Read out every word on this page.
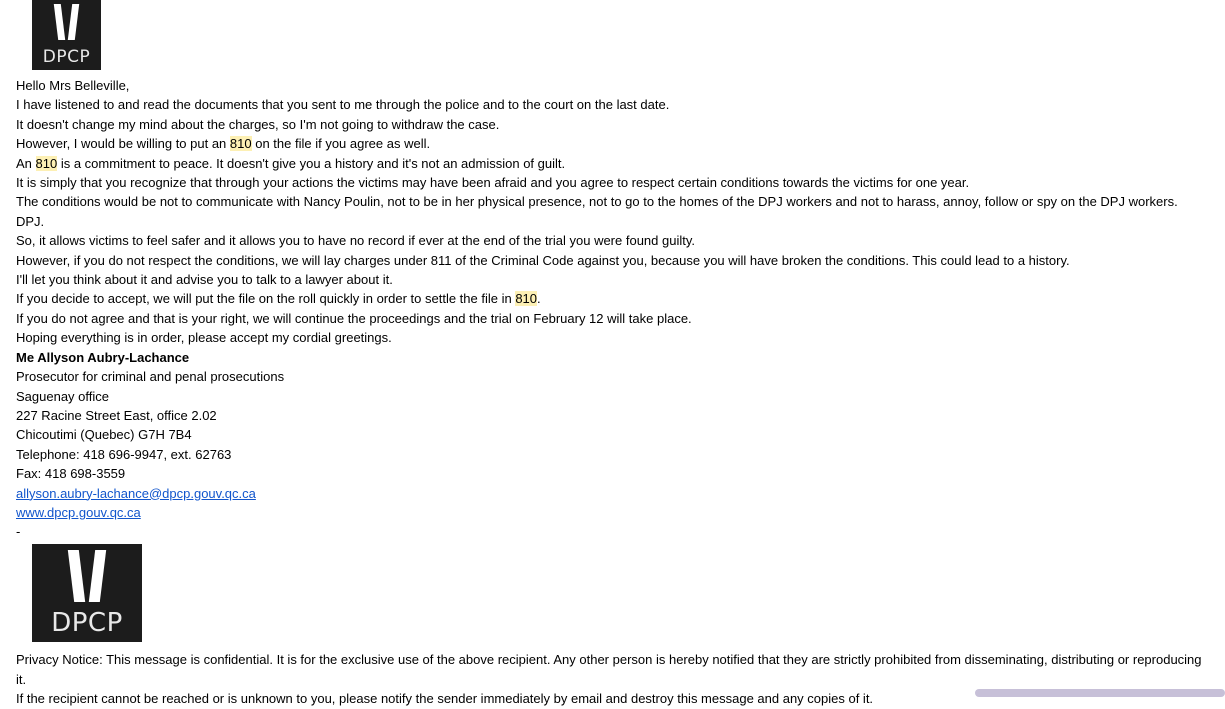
DPCP

Hello Mrs Belleville,

I have listened to and read the documents that you sent to me through the police and to the court on the last date.

It doesn't change my mind about the charges, so I'm not going to withdraw the case.

However, I would be willing to put an 810 on the file if you agree as well.

An 810 is a commitment to peace. It doesn't give you a history and it's not an admission of guilt.

It is simply that you recognize that through your actions the victims may have been afraid and you agree to respect certain conditions towards the victims for one year.

The conditions would be not to communicate with Nancy Poulin, not to be in her physical presence, not to go to the homes of the DPJ workers and not to harass, annoy, follow or spy on the DPJ workers. DPJ.

So, it allows victims to feel safer and it allows you to have no record if ever at the end of the trial you were found guilty.

However, if you do not respect the conditions, we will lay charges under 811 of the Criminal Code against you, because you will have broken the conditions. This could lead to a history.

I'll let you think about it and advise you to talk to a lawyer about it.

If you decide to accept, we will put the file on the roll quickly in order to settle the file in 810.

If you do not agree and that is your right, we will continue the proceedings and the trial on February 12 will take place.

Hoping everything is in order, please accept my cordial greetings.

Me Allyson Aubry-Lachance

Prosecutor for criminal and penal prosecutions

Saguenay office

227 Racine Street East, office 2.02

Chicoutimi (Quebec) G7H 7B4

Telephone: 418 696-9947, ext. 62763

Fax: 418 698-3559

allyson.aubry-lachance@dpcp.gouv.qc.ca

www.dpcp.gouv.qc.ca

-

DPCP

Privacy Notice: This message is confidential. It is for the exclusive use of the above recipient. Any other person is hereby notified that they are strictly prohibited from disseminating, distributing or reproducing it.

If the recipient cannot be reached or is unknown to you, please notify the sender immediately by email and destroy this message and any copies of it.
